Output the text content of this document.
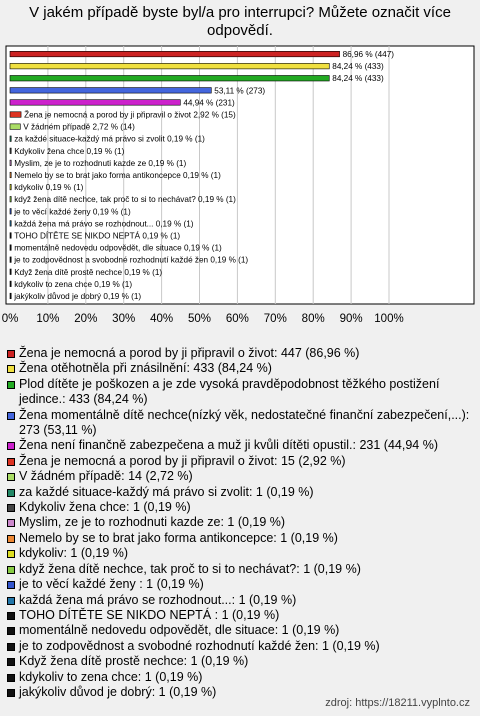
V jakém případě byste byl/a pro interrupci? Můžete označit více odpovědí.
0% 10% 20% 30% 40% 50% 60% 70% 80% 90% 100%
86,96 % (447)
84,24 % (433)
84,24 % (433)
53,11 % (273)
44,94 % (231)
Žena je nemocná a porod by ji připravil o život 2,92 % (15)
V žádném případě 2,72 % (14)
za každé situace-každý má právo si zvolit 0,19 % (1)
Kdykoliv žena chce 0,19 % (1)
Myslim, ze je to rozhodnuti kazde ze 0,19 % (1)
Nemelo by se to brat jako forma antikoncepce 0,19 % (1)
kdykoliv 0,19 % (1)
když žena dítě nechce, tak proč to si to nechávat? 0,19 % (1)
je to věcí každé ženy 0,19 % (1)
každá žena má právo se rozhodnout... 0,19 % (1)
TOHO DÍTĚTE SE NIKDO NEPTÁ 0,19 % (1)
momentálně nedovedu odpovědět, dle situace 0,19 % (1)
je to zodpovědnost a svobodné rozhodnutí každé žen 0,19 % (1)
Když žena dítě prostě nechce 0,19 % (1)
kdykoliv to zena chce 0,19 % (1)
jakýkoliv důvod je dobrý 0,19 % (1)
Žena je nemocná a porod by ji připravil o život: 447 (86,96 %)
Žena otěhotněla při znásilnění: 433 (84,24 %)
Plod dítěte je poškozen a je zde vysoká pravděpodobnost těžkého postižení jedince.: 433 (84,24 %)
Žena momentálně dítě nechce(nízký věk, nedostatečné finanční zabezpečení,...): 273 (53,11 %)
Žena není finančně zabezpečena a muž ji kvůli dítěti opustil.: 231 (44,94 %)
Žena je nemocná a porod by ji připravil o život: 15 (2,92 %)
V žádném případě: 14 (2,72 %)
za každé situace-každý má právo si zvolit: 1 (0,19 %)
Kdykoliv žena chce: 1 (0,19 %)
Myslim, ze je to rozhodnuti kazde ze: 1 (0,19 %)
Nemelo by se to brat jako forma antikoncepce: 1 (0,19 %)
kdykoliv: 1 (0,19 %)
když žena dítě nechce, tak proč to si to nechávat?: 1 (0,19 %)
je to věcí každé ženy : 1 (0,19 %)
každá žena má právo se rozhodnout...: 1 (0,19 %)
TOHO DÍTĚTE SE NIKDO NEPTÁ : 1 (0,19 %)
momentálně nedovedu odpovědět, dle situace: 1 (0,19 %)
je to zodpovědnost a svobodné rozhodnutí každé žen: 1 (0,19 %)
Když žena dítě prostě nechce: 1 (0,19 %)
kdykoliv to zena chce: 1 (0,19 %)
jakýkoliv důvod je dobrý: 1 (0,19 %)
zdroj: https://18211.vyplnto.cz
